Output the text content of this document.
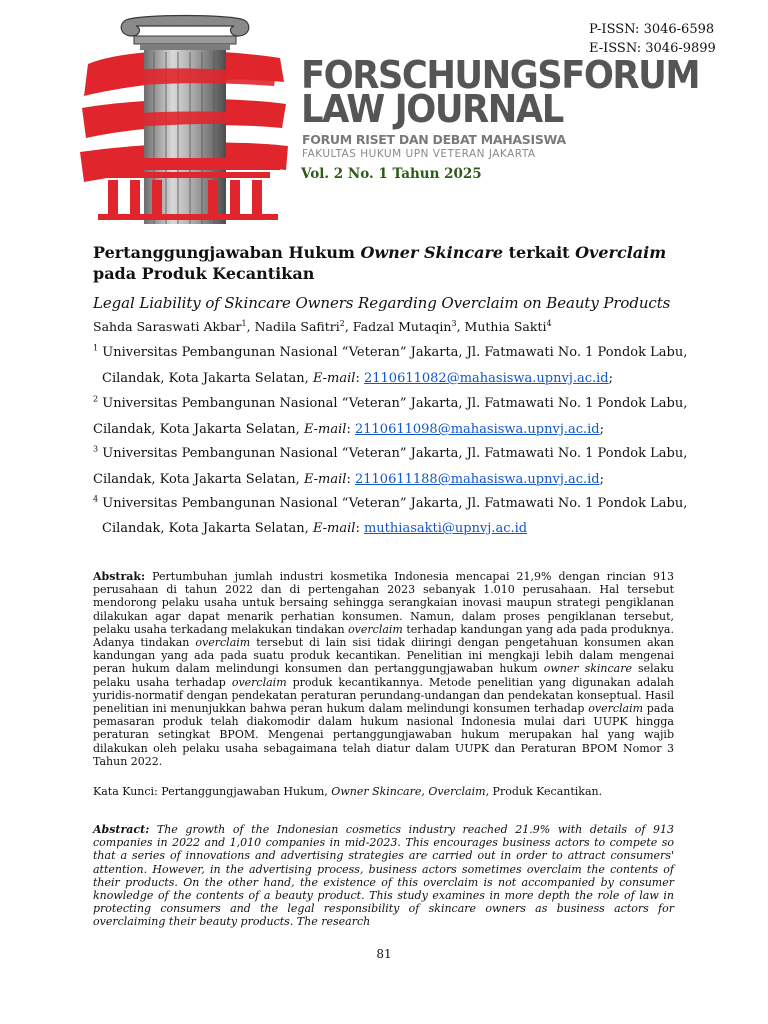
P-ISSN: 3046-6598
E-ISSN: 3046-9899
FORSCHUNGSFORUM
LAW JOURNAL
FORUM RISET DAN DEBAT MAHASISWA
FAKULTAS HUKUM UPN VETERAN JAKARTA
Vol. 2 No. 1 Tahun 2025
Pertanggungjawaban Hukum Owner Skincare terkait Overclaim pada Produk Kecantikan
Legal Liability of Skincare Owners Regarding Overclaim on Beauty Products
Sahda Saraswati Akbar$^1$, Nadila Safitri$^2$, Fadzal Mutaqin$^3$, Muthia Sakti$^4$
$^1$ Universitas Pembangunan Nasional “Veteran” Jakarta, Jl. Fatmawati No. 1 Pondok Labu,
Cilandak, Kota Jakarta Selatan, E-mail: 2110611082@mahasiswa.upnvj.ac.id;
$^2$ Universitas Pembangunan Nasional “Veteran” Jakarta, Jl. Fatmawati No. 1 Pondok Labu,
Cilandak, Kota Jakarta Selatan, E-mail: 2110611098@mahasiswa.upnvj.ac.id;
$^3$ Universitas Pembangunan Nasional “Veteran” Jakarta, Jl. Fatmawati No. 1 Pondok Labu,
Cilandak, Kota Jakarta Selatan, E-mail: 2110611188@mahasiswa.upnvj.ac.id;
$^4$ Universitas Pembangunan Nasional “Veteran” Jakarta, Jl. Fatmawati No. 1 Pondok Labu,
Cilandak, Kota Jakarta Selatan, E-mail: muthiasakti@upnvj.ac.id
Abstrak: Pertumbuhan jumlah industri kosmetika Indonesia mencapai 21,9% dengan rincian 913 perusahaan di tahun 2022 dan di pertengahan 2023 sebanyak 1.010 perusahaan. Hal tersebut mendorong pelaku usaha untuk bersaing sehingga serangkaian inovasi maupun strategi pengiklanan dilakukan agar dapat menarik perhatian konsumen. Namun, dalam proses pengiklanan tersebut, pelaku usaha terkadang melakukan tindakan overclaim terhadap kandungan yang ada pada produknya. Adanya tindakan overclaim tersebut di lain sisi tidak diiringi dengan pengetahuan konsumen akan kandungan yang ada pada suatu produk kecantikan. Penelitian ini mengkaji lebih dalam mengenai peran hukum dalam melindungi konsumen dan pertanggungjawaban hukum owner skincare selaku pelaku usaha terhadap overclaim produk kecantikannya. Metode penelitian yang digunakan adalah yuridis-normatif dengan pendekatan peraturan perundang-undangan dan pendekatan konseptual. Hasil penelitian ini menunjukkan bahwa peran hukum dalam melindungi konsumen terhadap overclaim pada pemasaran produk telah diakomodir dalam hukum nasional Indonesia mulai dari UUPK hingga peraturan setingkat BPOM. Mengenai pertanggungjawaban hukum merupakan hal yang wajib dilakukan oleh pelaku usaha sebagaimana telah diatur dalam UUPK dan Peraturan BPOM Nomor 3 Tahun 2022.
Kata Kunci: Pertanggungjawaban Hukum, Owner Skincare, Overclaim, Produk Kecantikan.
Abstract: The growth of the Indonesian cosmetics industry reached 21.9% with details of 913 companies in 2022 and 1,010 companies in mid-2023. This encourages business actors to compete so that a series of innovations and advertising strategies are carried out in order to attract consumers' attention. However, in the advertising process, business actors sometimes overclaim the contents of their products. On the other hand, the existence of this overclaim is not accompanied by consumer knowledge of the contents of a beauty product. This study examines in more depth the role of law in protecting consumers and the legal responsibility of skincare owners as business actors for overclaiming their beauty products. The research
81
